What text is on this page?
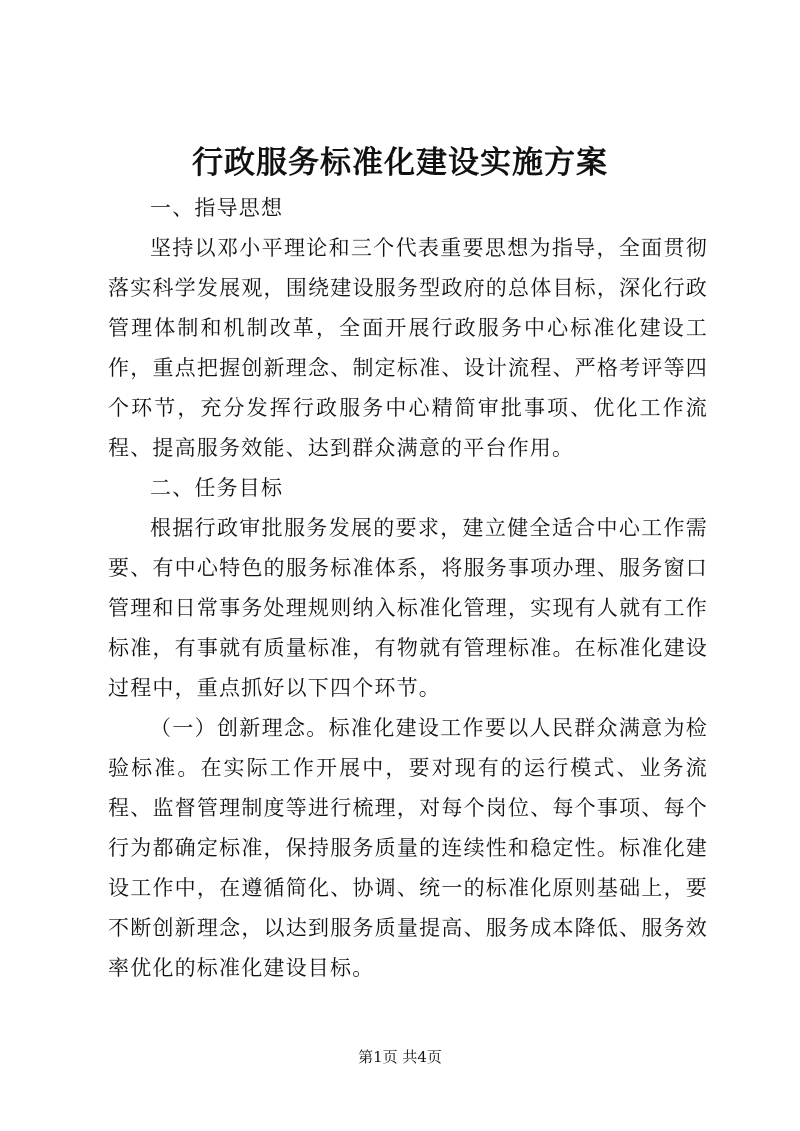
行政服务标准化建设实施方案

一、指导思想

坚持以邓小平理论和三个代表重要思想为指导，全面贯彻落实科学发展观，围绕建设服务型政府的总体目标，深化行政管理体制和机制改革，全面开展行政服务中心标准化建设工作，重点把握创新理念、制定标准、设计流程、严格考评等四个环节，充分发挥行政服务中心精简审批事项、优化工作流程、提高服务效能、达到群众满意的平台作用。

二、任务目标

根据行政审批服务发展的要求，建立健全适合中心工作需要、有中心特色的服务标准体系，将服务事项办理、服务窗口管理和日常事务处理规则纳入标准化管理，实现有人就有工作标准，有事就有质量标准，有物就有管理标准。在标准化建设过程中，重点抓好以下四个环节。

（一）创新理念。标准化建设工作要以人民群众满意为检验标准。在实际工作开展中，要对现有的运行模式、业务流程、监督管理制度等进行梳理，对每个岗位、每个事项、每个行为都确定标准，保持服务质量的连续性和稳定性。标准化建设工作中，在遵循简化、协调、统一的标准化原则基础上，要不断创新理念，以达到服务质量提高、服务成本降低、服务效率优化的标准化建设目标。

第1页 共4页
